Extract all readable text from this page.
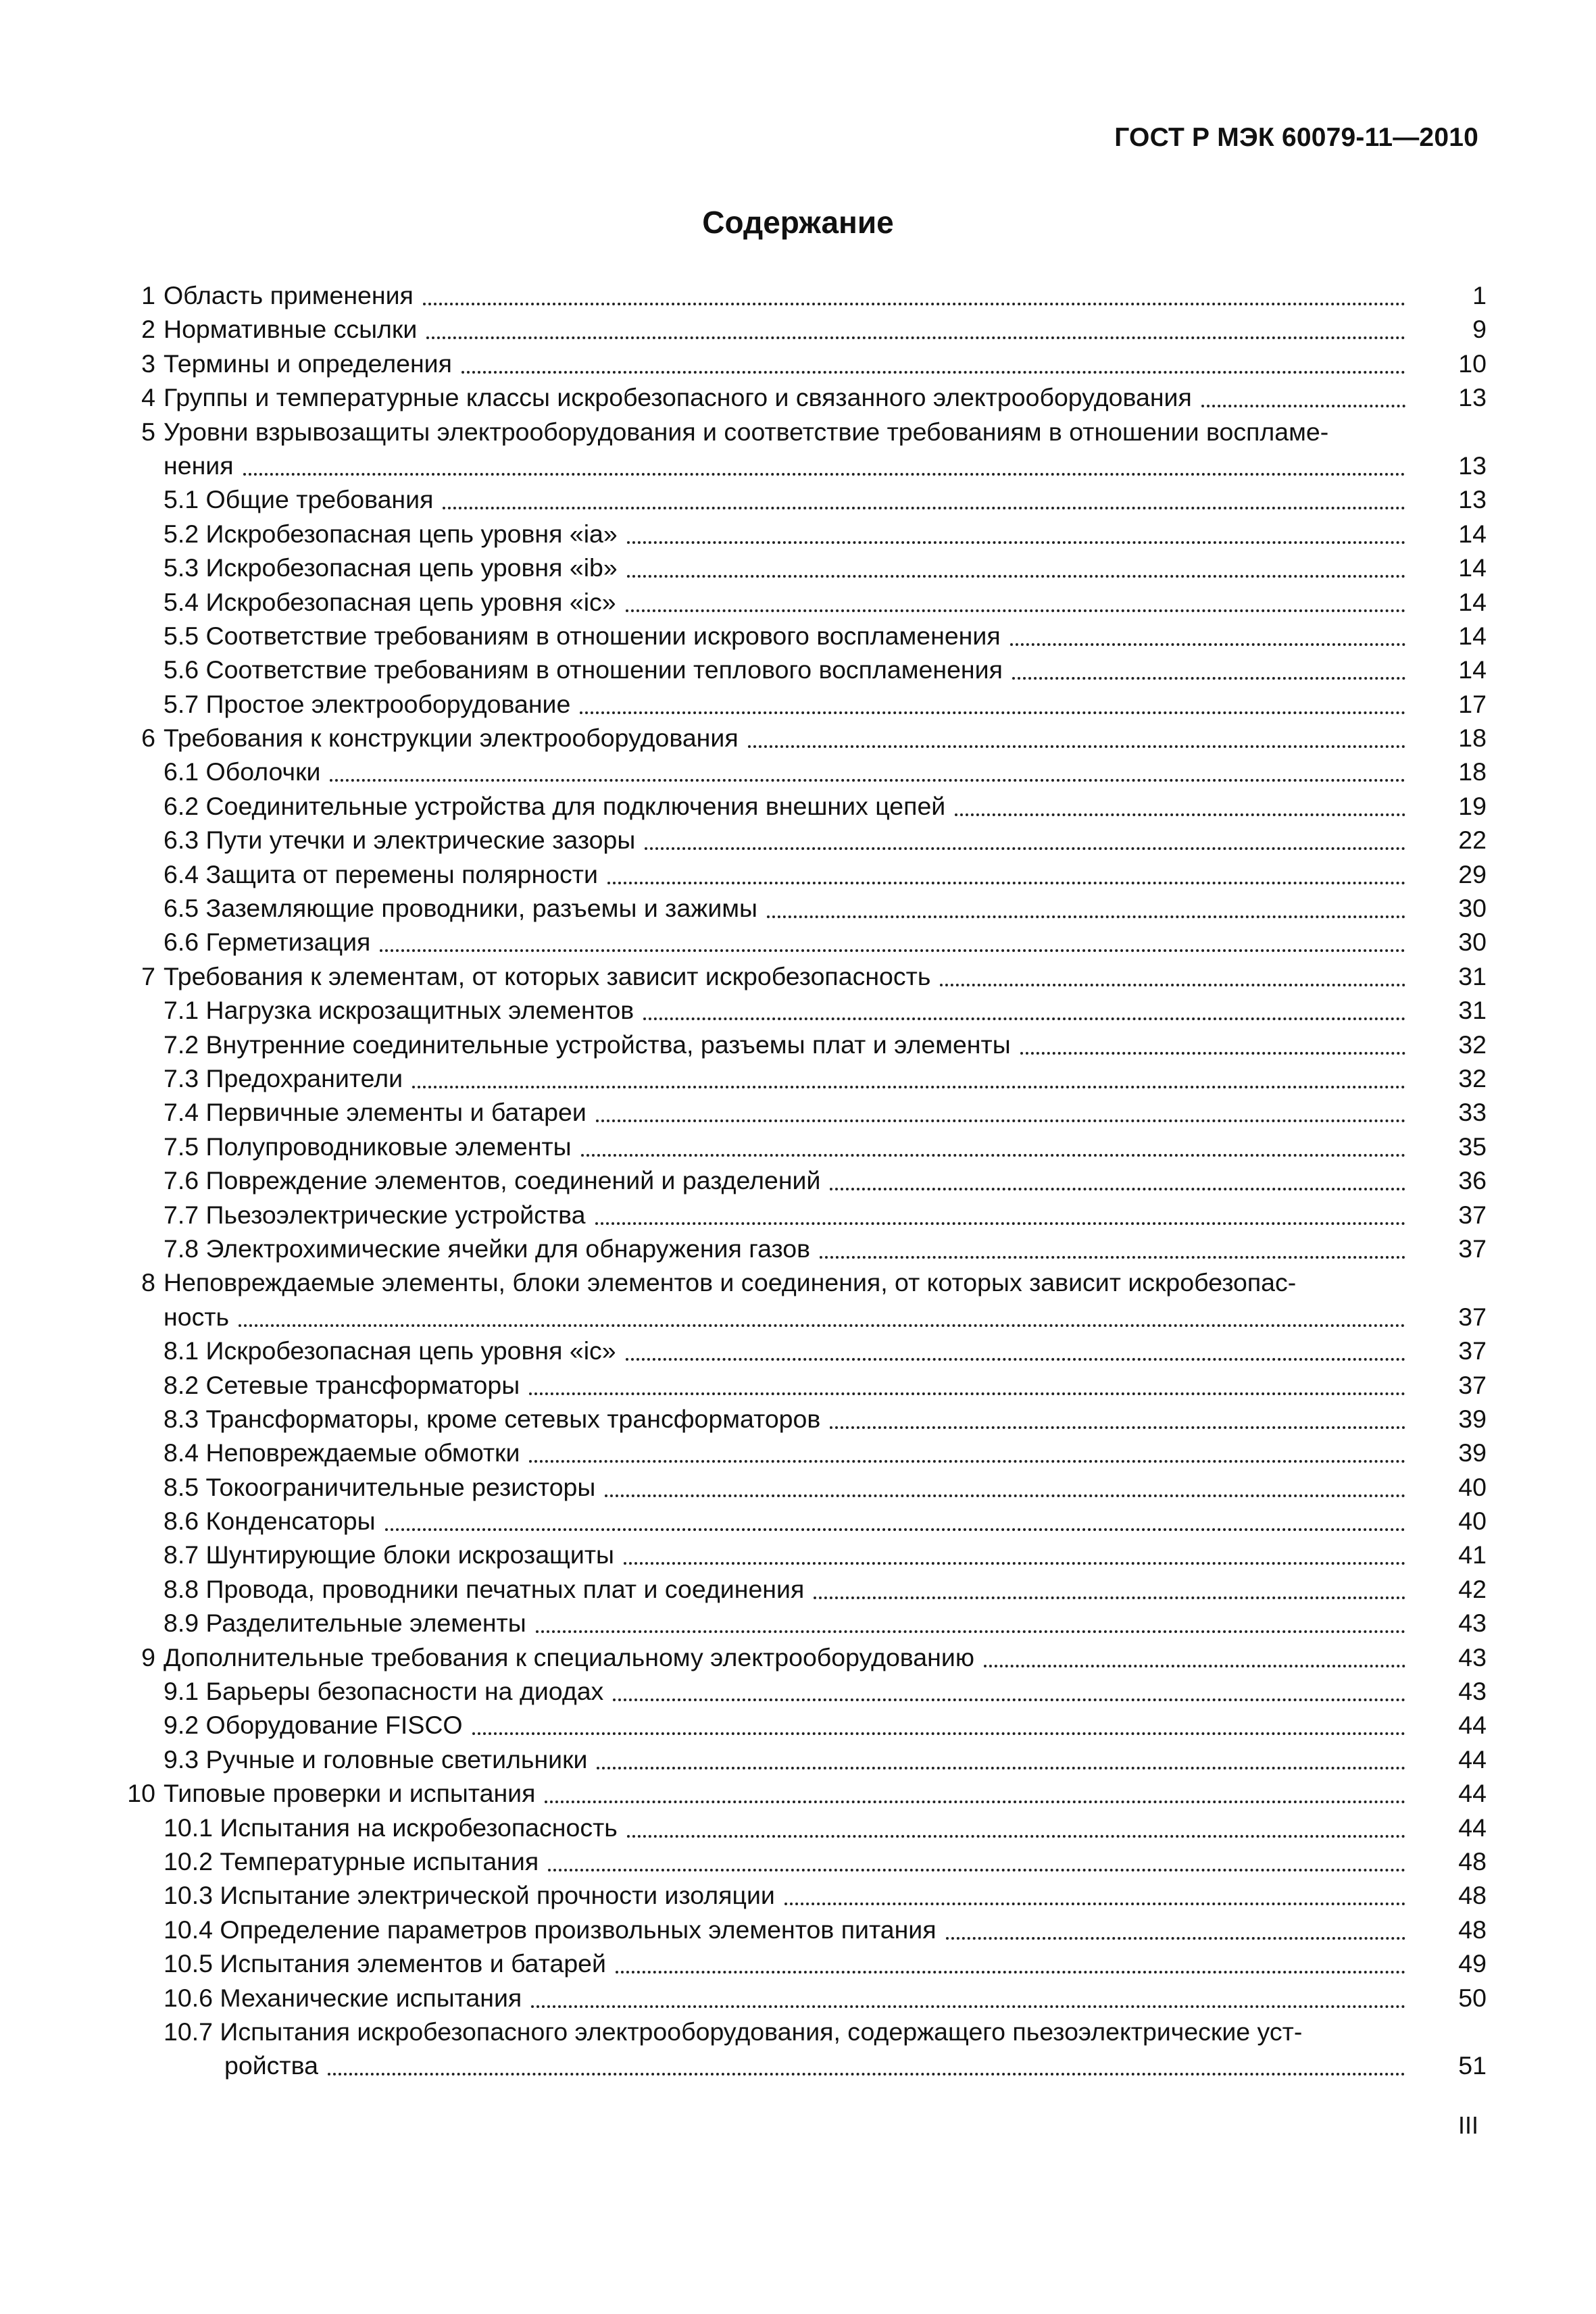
ГОСТ Р МЭК 60079-11—2010
Содержание
1 Область применения	1
2 Нормативные ссылки	9
3 Термины и определения	10
4 Группы и температурные классы искробезопасного и связанного электрооборудования	13
5 Уровни взрывозащиты электрооборудования и соответствие требованиям в отношении воспламе-
нения	13
5.1 Общие требования	13
5.2 Искробезопасная цепь уровня «ia»	14
5.3 Искробезопасная цепь уровня «ib»	14
5.4 Искробезопасная цепь уровня «ic»	14
5.5 Соответствие требованиям в отношении искрового воспламенения	14
5.6 Соответствие требованиям в отношении теплового воспламенения	14
5.7 Простое электрооборудование	17
6 Требования к конструкции электрооборудования	18
6.1 Оболочки	18
6.2 Соединительные устройства для подключения внешних цепей	19
6.3 Пути утечки и электрические зазоры	22
6.4 Защита от перемены полярности	29
6.5 Заземляющие проводники, разъемы и зажимы	30
6.6 Герметизация	30
7 Требования к элементам, от которых зависит искробезопасность	31
7.1 Нагрузка искрозащитных элементов	31
7.2 Внутренние соединительные устройства, разъемы плат и элементы	32
7.3 Предохранители	32
7.4 Первичные элементы и батареи	33
7.5 Полупроводниковые элементы	35
7.6 Повреждение элементов, соединений и разделений	36
7.7 Пьезоэлектрические устройства	37
7.8 Электрохимические ячейки для обнаружения газов	37
8 Неповреждаемые элементы, блоки элементов и соединения, от которых зависит искробезопас-
ность	37
8.1 Искробезопасная цепь уровня «ic»	37
8.2 Сетевые трансформаторы	37
8.3 Трансформаторы, кроме сетевых трансформаторов	39
8.4 Неповреждаемые обмотки	39
8.5 Токоограничительные резисторы	40
8.6 Конденсаторы	40
8.7 Шунтирующие блоки искрозащиты	41
8.8 Провода, проводники печатных плат и соединения	42
8.9 Разделительные элементы	43
9 Дополнительные требования к специальному электрооборудованию	43
9.1 Барьеры безопасности на диодах	43
9.2 Оборудование FISCO	44
9.3 Ручные и головные светильники	44
10 Типовые проверки и испытания	44
10.1 Испытания на искробезопасность	44
10.2 Температурные испытания	48
10.3 Испытание электрической прочности изоляции	48
10.4 Определение параметров произвольных элементов питания	48
10.5 Испытания элементов и батарей	49
10.6 Механические испытания	50
10.7 Испытания искробезопасного электрооборудования, содержащего пьезоэлектрические уст-
ройства	51
III
